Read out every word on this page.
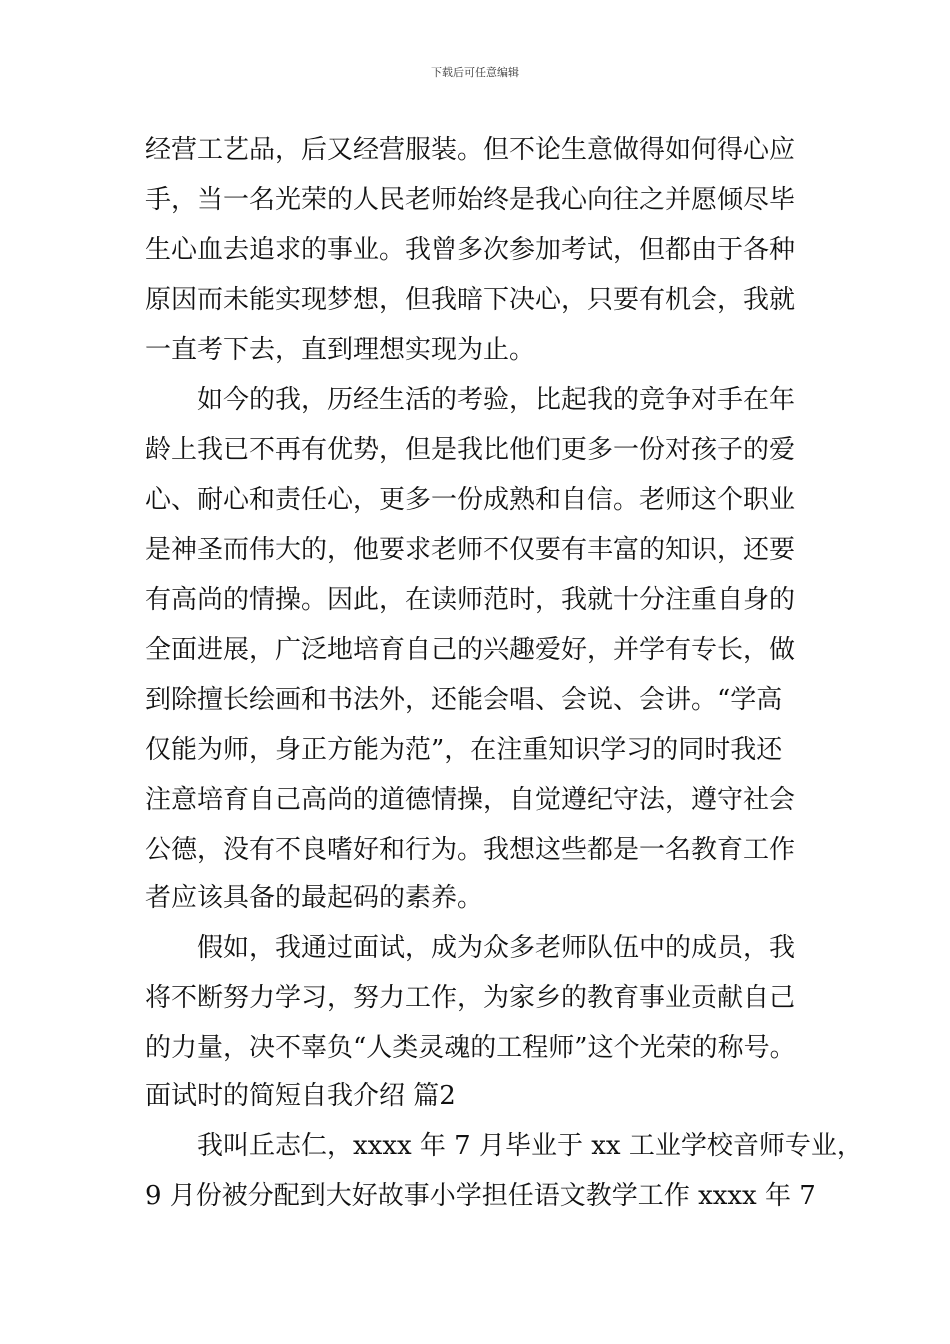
下载后可任意编辑
经营工艺品，后又经营服装。但不论生意做得如何得心应
手，当一名光荣的人民老师始终是我心向往之并愿倾尽毕
生心血去追求的事业。我曾多次参加考试，但都由于各种
原因而未能实现梦想，但我暗下决心，只要有机会，我就
一直考下去，直到理想实现为止。
　　如今的我，历经生活的考验，比起我的竞争对手在年
龄上我已不再有优势，但是我比他们更多一份对孩子的爱
心、耐心和责任心，更多一份成熟和自信。老师这个职业
是神圣而伟大的，他要求老师不仅要有丰富的知识，还要
有高尚的情操。因此，在读师范时，我就十分注重自身的
全面进展，广泛地培育自己的兴趣爱好，并学有专长，做
到除擅长绘画和书法外，还能会唱、会说、会讲。“学高
仅能为师，身正方能为范”，在注重知识学习的同时我还
注意培育自己高尚的道德情操，自觉遵纪守法，遵守社会
公德，没有不良嗜好和行为。我想这些都是一名教育工作
者应该具备的最起码的素养。
　　假如，我通过面试，成为众多老师队伍中的成员，我
将不断努力学习，努力工作，为家乡的教育事业贡献自己
的力量，决不辜负“人类灵魂的工程师”这个光荣的称号。
面试时的简短自我介绍 篇2
　　我叫丘志仁，xxxx 年 7 月毕业于 xx 工业学校音师专业，
9 月份被分配到大好故事小学担任语文教学工作 xxxx 年 7
